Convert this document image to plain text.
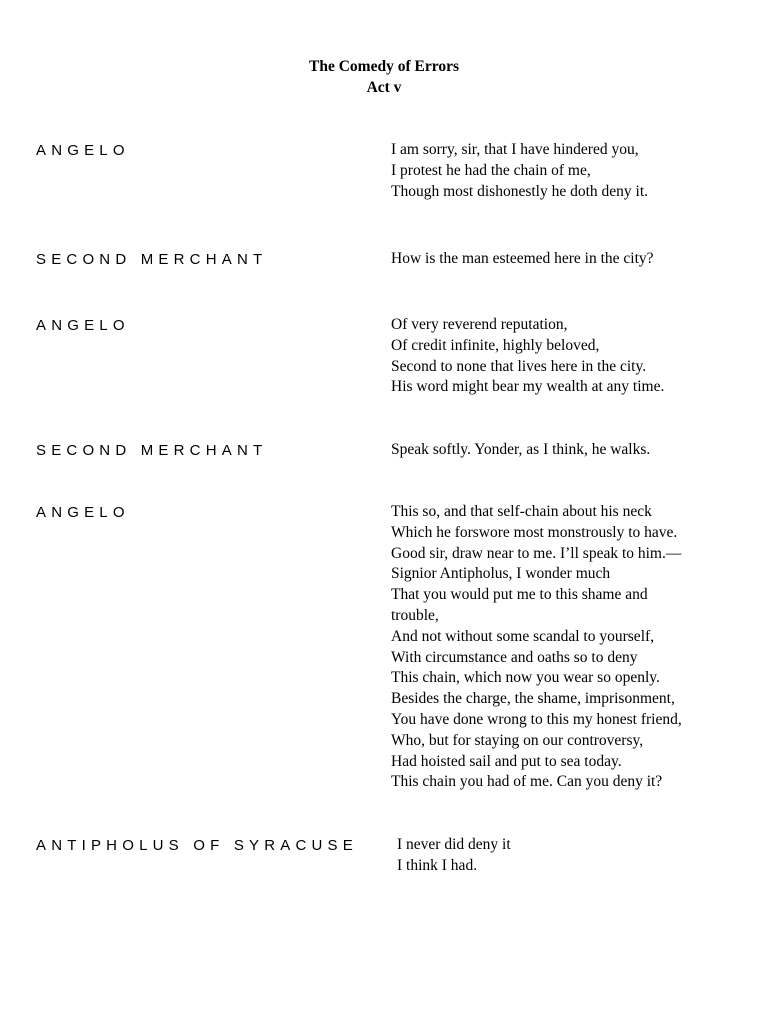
The Comedy of Errors
Act v
ANGELO	I am sorry, sir, that I have hindered you,
I protest he had the chain of me,
Though most dishonestly he doth deny it.
SECOND MERCHANT	How is the man esteemed here in the city?
ANGELO	Of very reverend reputation,
Of credit infinite, highly beloved,
Second to none that lives here in the city.
His word might bear my wealth at any time.
SECOND MERCHANT	Speak softly. Yonder, as I think, he walks.
ANGELO	This so, and that self-chain about his neck
Which he forswore most monstrously to have.
Good sir, draw near to me. I’ll speak to him.—
Signior Antipholus, I wonder much
That you would put me to this shame and
trouble,
And not without some scandal to yourself,
With circumstance and oaths so to deny
This chain, which now you wear so openly.
Besides the charge, the shame, imprisonment,
You have done wrong to this my honest friend,
Who, but for staying on our controversy,
Had hoisted sail and put to sea today.
This chain you had of me. Can you deny it?
ANTIPHOLUS OF SYRACUSE	I never did deny it
I think I had.
